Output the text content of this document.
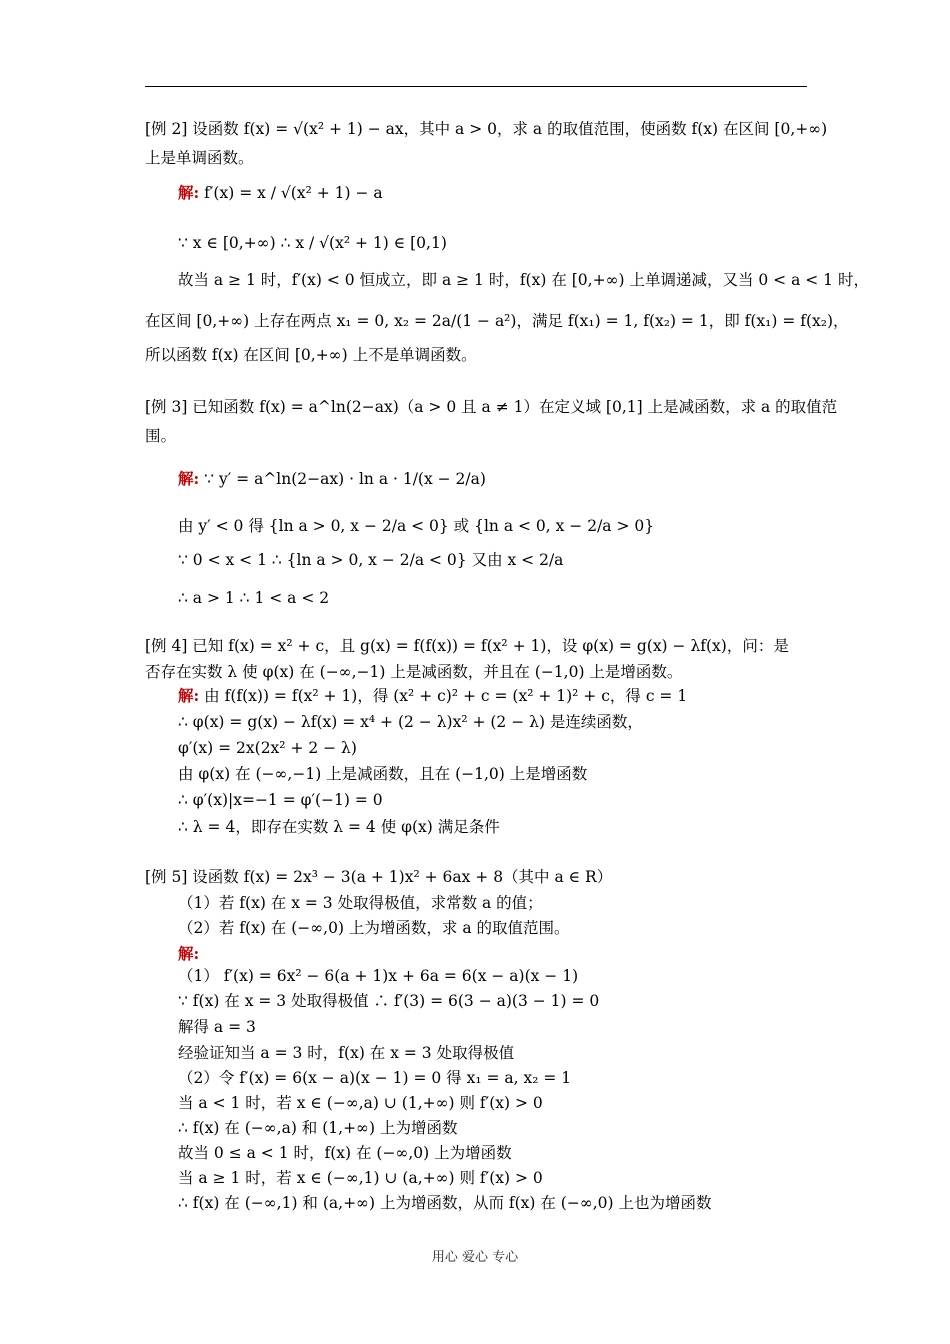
[例 2] 设函数 f(x) = √(x² + 1) − ax，其中 a > 0，求 a 的取值范围，使函数 f(x) 在区间 [0,+∞)
上是单调函数。
解: f′(x) = x / √(x² + 1) − a
∵ x ∈ [0,+∞) ∴ x / √(x² + 1) ∈ [0,1)
故当 a ≥ 1 时，f′(x) < 0 恒成立，即 a ≥ 1 时，f(x) 在 [0,+∞) 上单调递减，又当 0 < a < 1 时，
在区间 [0,+∞) 上存在两点 x₁ = 0, x₂ = 2a/(1 − a²)，满足 f(x₁) = 1, f(x₂) = 1，即 f(x₁) = f(x₂)，
所以函数 f(x) 在区间 [0,+∞) 上不是单调函数。
[例 3] 已知函数 f(x) = a^ln(2−ax)（a > 0 且 a ≠ 1）在定义域 [0,1] 上是减函数，求 a 的取值范
围。
解: ∵ y′ = a^ln(2−ax) · ln a · 1/(x − 2/a)
由 y′ < 0 得 {ln a > 0, x − 2/a < 0} 或 {ln a < 0, x − 2/a > 0}
∵ 0 < x < 1 ∴ {ln a > 0, x − 2/a < 0} 又由 x < 2/a
∴ a > 1 ∴ 1 < a < 2
[例 4] 已知 f(x) = x² + c，且 g(x) = f(f(x)) = f(x² + 1)，设 φ(x) = g(x) − λf(x)，问：是
否存在实数 λ 使 φ(x) 在 (−∞,−1) 上是减函数，并且在 (−1,0) 上是增函数。
解: 由 f(f(x)) = f(x² + 1)，得 (x² + c)² + c = (x² + 1)² + c，得 c = 1
∴ φ(x) = g(x) − λf(x) = x⁴ + (2 − λ)x² + (2 − λ) 是连续函数，
φ′(x) = 2x(2x² + 2 − λ)
由 φ(x) 在 (−∞,−1) 上是减函数，且在 (−1,0) 上是增函数
∴ φ′(x)|x=−1 = φ′(−1) = 0
∴ λ = 4，即存在实数 λ = 4 使 φ(x) 满足条件
[例 5] 设函数 f(x) = 2x³ − 3(a + 1)x² + 6ax + 8（其中 a ∈ R）
（1）若 f(x) 在 x = 3 处取得极值，求常数 a 的值；
（2）若 f(x) 在 (−∞,0) 上为增函数，求 a 的取值范围。
解:
（1） f′(x) = 6x² − 6(a + 1)x + 6a = 6(x − a)(x − 1)
∵ f(x) 在 x = 3 处取得极值 ∴ f′(3) = 6(3 − a)(3 − 1) = 0
解得 a = 3
经验证知当 a = 3 时，f(x) 在 x = 3 处取得极值
（2）令 f′(x) = 6(x − a)(x − 1) = 0 得 x₁ = a, x₂ = 1
当 a < 1 时，若 x ∈ (−∞,a) ∪ (1,+∞) 则 f′(x) > 0
∴ f(x) 在 (−∞,a) 和 (1,+∞) 上为增函数
故当 0 ≤ a < 1 时，f(x) 在 (−∞,0) 上为增函数
当 a ≥ 1 时，若 x ∈ (−∞,1) ∪ (a,+∞) 则 f′(x) > 0
∴ f(x) 在 (−∞,1) 和 (a,+∞) 上为增函数，从而 f(x) 在 (−∞,0) 上也为增函数
用心 爱心 专心
